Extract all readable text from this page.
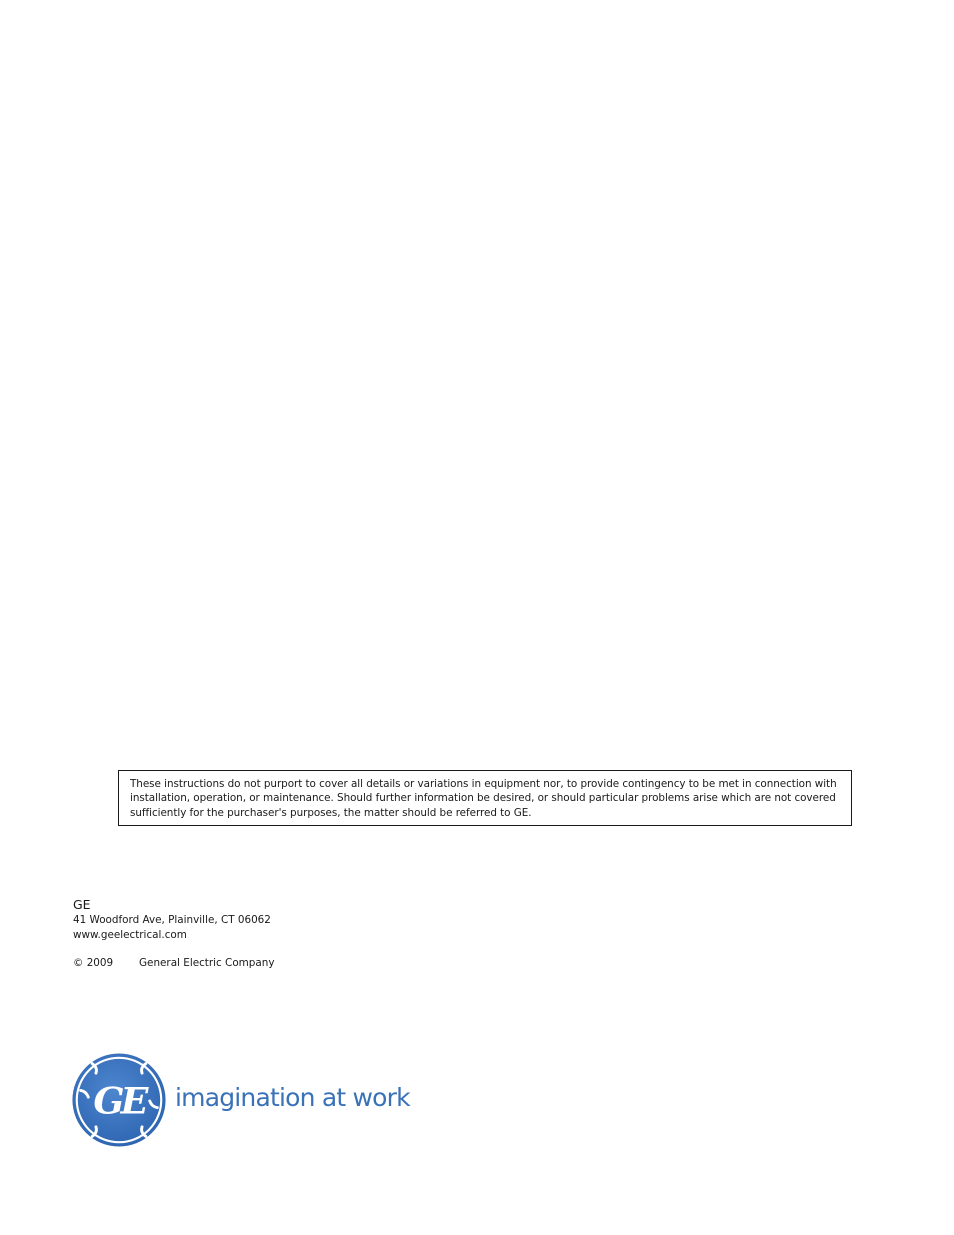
These instructions do not purport to cover all details or variations in equipment nor, to provide contingency to be met in connection with installation, operation, or maintenance. Should further information be desired, or should particular problems arise which are not covered sufficiently for the purchaser's purposes, the matter should be referred to GE.

GE

41 Woodford Ave, Plainville, CT 06062

www.geelectrical.com

© 2009	General Electric Company
GE imagination at work
